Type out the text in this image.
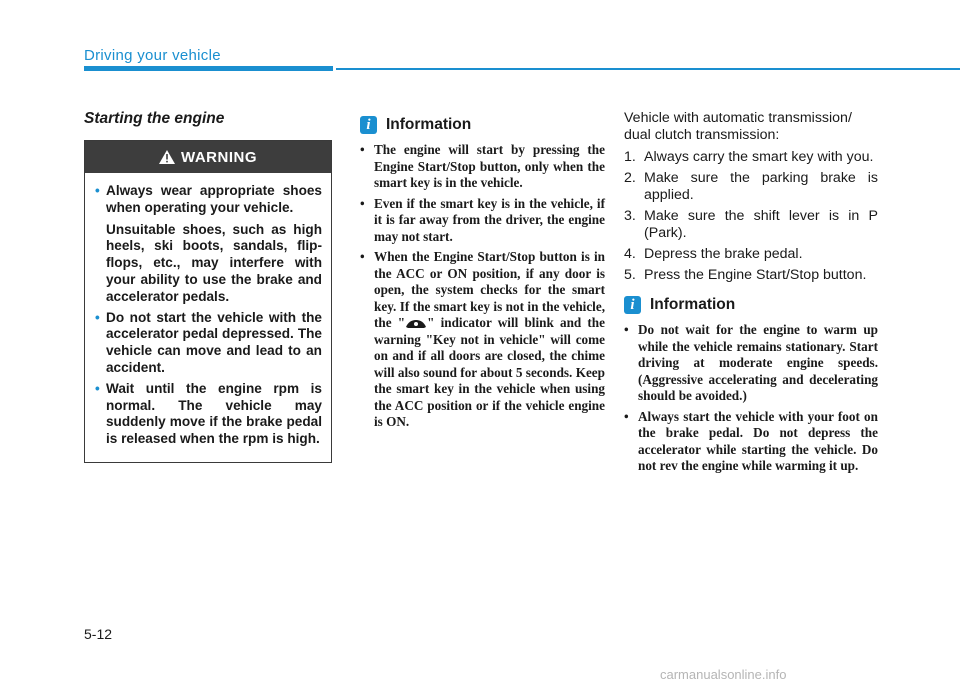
Driving your vehicle
Starting the engine
WARNING
• Always wear appropriate shoes when operating your vehicle.
Unsuitable shoes, such as high heels, ski boots, sandals, flip-flops, etc., may interfere with your ability to use the brake and accelerator pedals.
• Do not start the vehicle with the accelerator pedal depressed. The vehicle can move and lead to an accident.
• Wait until the engine rpm is normal. The vehicle may suddenly move if the brake pedal is released when the rpm is high.
i Information
• The engine will start by pressing the Engine Start/Stop button, only when the smart key is in the vehicle.
• Even if the smart key is in the vehicle, if it is far away from the driver, the engine may not start.
• When the Engine Start/Stop button is in the ACC or ON position, if any door is open, the system checks for the smart key. If the smart key is not in the vehicle, the " " indicator will blink and the warning "Key not in vehicle" will come on and if all doors are closed, the chime will also sound for about 5 seconds. Keep the smart key in the vehicle when using the ACC position or if the vehicle engine is ON.
Vehicle with automatic transmission/ dual clutch transmission:
1. Always carry the smart key with you.
2. Make sure the parking brake is applied.
3. Make sure the shift lever is in P (Park).
4. Depress the brake pedal.
5. Press the Engine Start/Stop button.
i Information
• Do not wait for the engine to warm up while the vehicle remains stationary. Start driving at moderate engine speeds. (Aggressive accelerating and decelerating should be avoided.)
• Always start the vehicle with your foot on the brake pedal. Do not depress the accelerator while starting the vehicle. Do not rev the engine while warming it up.
5-12
carmanualsonline.info
